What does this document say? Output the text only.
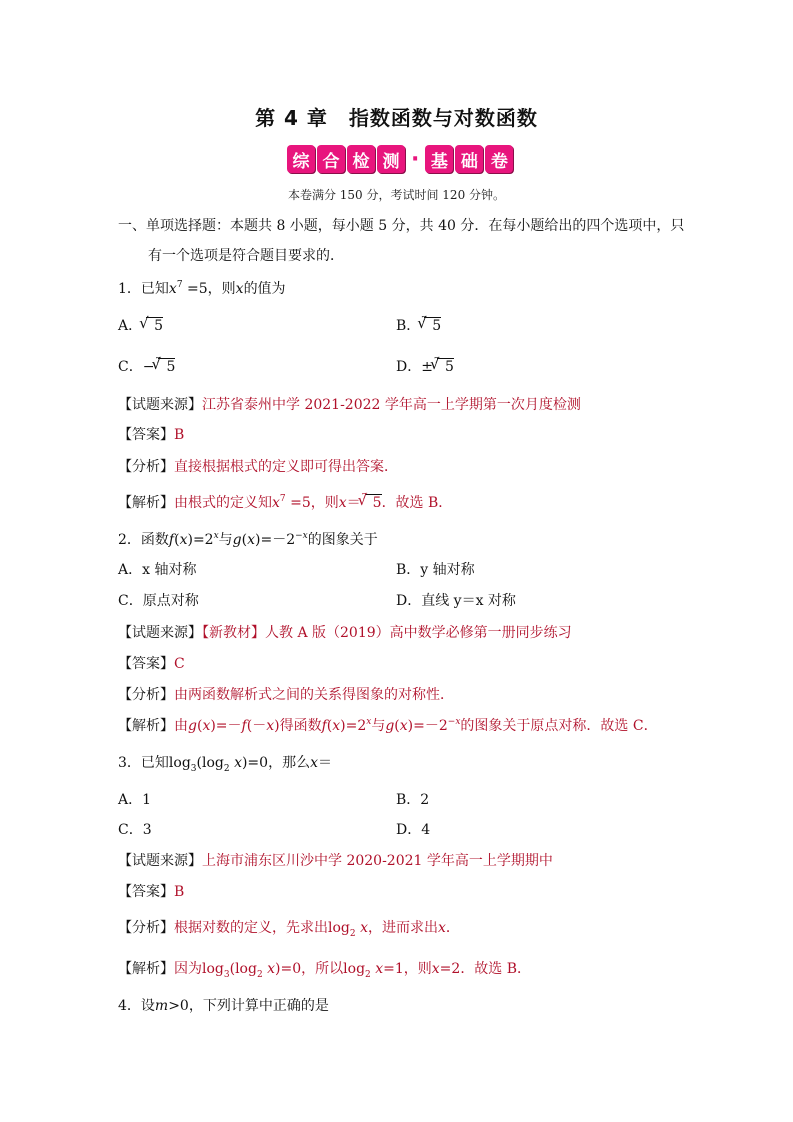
第 4 章　指数函数与对数函数
综 合 检 测 · 基 础 卷
本卷满分 150 分，考试时间 120 分钟。
一、单项选择题：本题共 8 小题，每小题 5 分，共 40 分．在每小题给出的四个选项中，只
有一个选项是符合题目要求的．
1．已知$x^7 =5$，则x的值为
A． √ 5	B． √ 7 5
C．− √ 7 5	D．± √ 7 5
【试题来源】江苏省泰州中学 2021-2022 学年高一上学期第一次月度检测
【答案】B
【分析】直接根据根式的定义即可得出答案．
【解析】由根式的定义知$x^7 =5$，则x＝ √ 7 5．故选 B．
2．函数$f(x)=2^x$与$g(x)=-2^{-x}$的图象关于
A．x 轴对称	B．y 轴对称
C．原点对称	D．直线 y＝x 对称
【试题来源】【新教材】人教 A 版（2019）高中数学必修第一册同步练习
【答案】C
【分析】由两函数解析式之间的关系得图象的对称性．
【解析】由g(x)=－f(－x)得函数$f(x)=2^x$与$g(x)=-2^{-x}$的图象关于原点对称．故选 C．
3．已知$\log_3(\log_2$ x)=0，那么x＝
A．1	B．2
C．3	D．4
【试题来源】上海市浦东区川沙中学 2020-2021 学年高一上学期期中
【答案】B
【分析】根据对数的定义，先求出$\log_2 x$，进而求出x．
【解析】因为$\log_3(\log_2$ x)=0，所以$\log_2 x=1$，则x=2．故选 B．
4．设m>0，下列计算中正确的是
